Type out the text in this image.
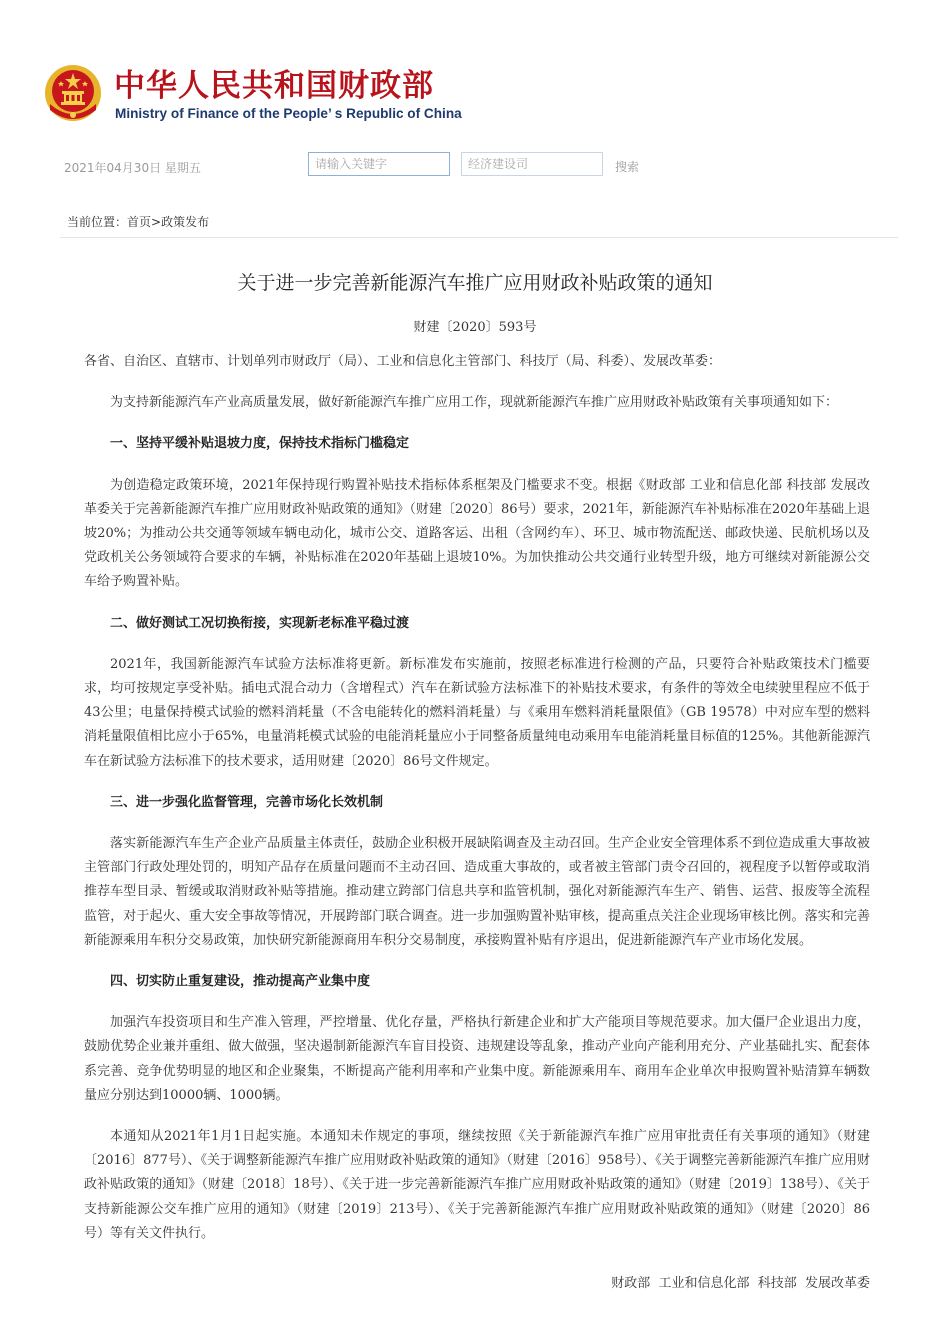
中华人民共和国财政部
Ministry of Finance of the People’ s Republic of China
2021年04月30日 星期五
请输入关键字
经济建设司	搜索
当前位置：首页>政策发布
关于进一步完善新能源汽车推广应用财政补贴政策的通知
财建〔2020〕593号

各省、自治区、直辖市、计划单列市财政厅（局）、工业和信息化主管部门、科技厅（局、科委）、发展改革委：

为支持新能源汽车产业高质量发展，做好新能源汽车推广应用工作，现就新能源汽车推广应用财政补贴政策有关事项通知如下：

一、坚持平缓补贴退坡力度，保持技术指标门槛稳定

为创造稳定政策环境，2021年保持现行购置补贴技术指标体系框架及门槛要求不变。根据《财政部 工业和信息化部 科技部 发展改革委关于完善新能源汽车推广应用财政补贴政策的通知》（财建〔2020〕86号）要求，2021年，新能源汽车补贴标准在2020年基础上退坡20%；为推动公共交通等领域车辆电动化，城市公交、道路客运、出租（含网约车）、环卫、城市物流配送、邮政快递、民航机场以及党政机关公务领域符合要求的车辆，补贴标准在2020年基础上退坡10%。为加快推动公共交通行业转型升级，地方可继续对新能源公交车给予购置补贴。

二、做好测试工况切换衔接，实现新老标准平稳过渡

2021年，我国新能源汽车试验方法标准将更新。新标准发布实施前，按照老标准进行检测的产品，只要符合补贴政策技术门槛要求，均可按规定享受补贴。插电式混合动力（含增程式）汽车在新试验方法标准下的补贴技术要求，有条件的等效全电续驶里程应不低于43公里；电量保持模式试验的燃料消耗量（不含电能转化的燃料消耗量）与《乘用车燃料消耗量限值》（GB 19578）中对应车型的燃料消耗量限值相比应小于65%，电量消耗模式试验的电能消耗量应小于同整备质量纯电动乘用车电能消耗量目标值的125%。其他新能源汽车在新试验方法标准下的技术要求，适用财建〔2020〕86号文件规定。

三、进一步强化监督管理，完善市场化长效机制

落实新能源汽车生产企业产品质量主体责任，鼓励企业积极开展缺陷调查及主动召回。生产企业安全管理体系不到位造成重大事故被主管部门行政处理处罚的，明知产品存在质量问题而不主动召回、造成重大事故的，或者被主管部门责令召回的，视程度予以暂停或取消推荐车型目录、暂缓或取消财政补贴等措施。推动建立跨部门信息共享和监管机制，强化对新能源汽车生产、销售、运营、报废等全流程监管，对于起火、重大安全事故等情况，开展跨部门联合调查。进一步加强购置补贴审核，提高重点关注企业现场审核比例。落实和完善新能源乘用车积分交易政策，加快研究新能源商用车积分交易制度，承接购置补贴有序退出，促进新能源汽车产业市场化发展。

四、切实防止重复建设，推动提高产业集中度

加强汽车投资项目和生产准入管理，严控增量、优化存量，严格执行新建企业和扩大产能项目等规范要求。加大僵尸企业退出力度，鼓励优势企业兼并重组、做大做强，坚决遏制新能源汽车盲目投资、违规建设等乱象，推动产业向产能利用充分、产业基础扎实、配套体系完善、竞争优势明显的地区和企业聚集，不断提高产能利用率和产业集中度。新能源乘用车、商用车企业单次申报购置补贴清算车辆数量应分别达到10000辆、1000辆。

本通知从2021年1月1日起实施。本通知未作规定的事项，继续按照《关于新能源汽车推广应用审批责任有关事项的通知》（财建〔2016〕877号）、《关于调整新能源汽车推广应用财政补贴政策的通知》（财建〔2016〕958号）、《关于调整完善新能源汽车推广应用财政补贴政策的通知》（财建〔2018〕18号）、《关于进一步完善新能源汽车推广应用财政补贴政策的通知》（财建〔2019〕138号）、《关于支持新能源公交车推广应用的通知》（财建〔2019〕213号）、《关于完善新能源汽车推广应用财政补贴政策的通知》（财建〔2020〕86号）等有关文件执行。

财政部  工业和信息化部  科技部  发展改革委
